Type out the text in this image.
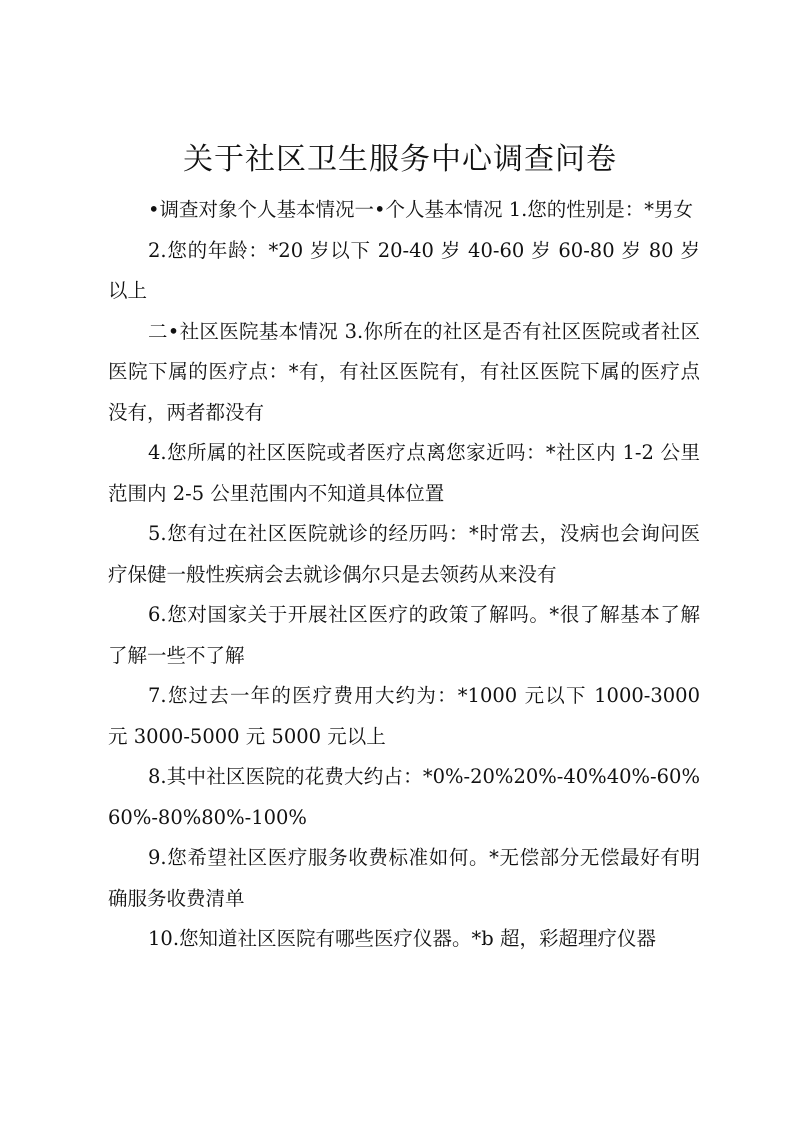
关于社区卫生服务中心调查问卷

•调查对象个人基本情况一•个人基本情况 1.您的性别是：*男女

2.您的年龄：*20 岁以下 20-40 岁 40-60 岁 60-80 岁 80 岁以上

二•社区医院基本情况 3.你所在的社区是否有社区医院或者社区医院下属的医疗点：*有，有社区医院有，有社区医院下属的医疗点没有，两者都没有

4.您所属的社区医院或者医疗点离您家近吗：*社区内 1-2 公里范围内 2-5 公里范围内不知道具体位置

5.您有过在社区医院就诊的经历吗：*时常去，没病也会询问医疗保健一般性疾病会去就诊偶尔只是去领药从来没有

6.您对国家关于开展社区医疗的政策了解吗。*很了解基本了解了解一些不了解

7.您过去一年的医疗费用大约为：*1000 元以下 1000-3000 元 3000-5000 元 5000 元以上

8.其中社区医院的花费大约占：*0%-20%20%-40%40%-60%60%-80%80%-100%

9.您希望社区医疗服务收费标准如何。*无偿部分无偿最好有明确服务收费清单

10.您知道社区医院有哪些医疗仪器。*b 超，彩超理疗仪器
